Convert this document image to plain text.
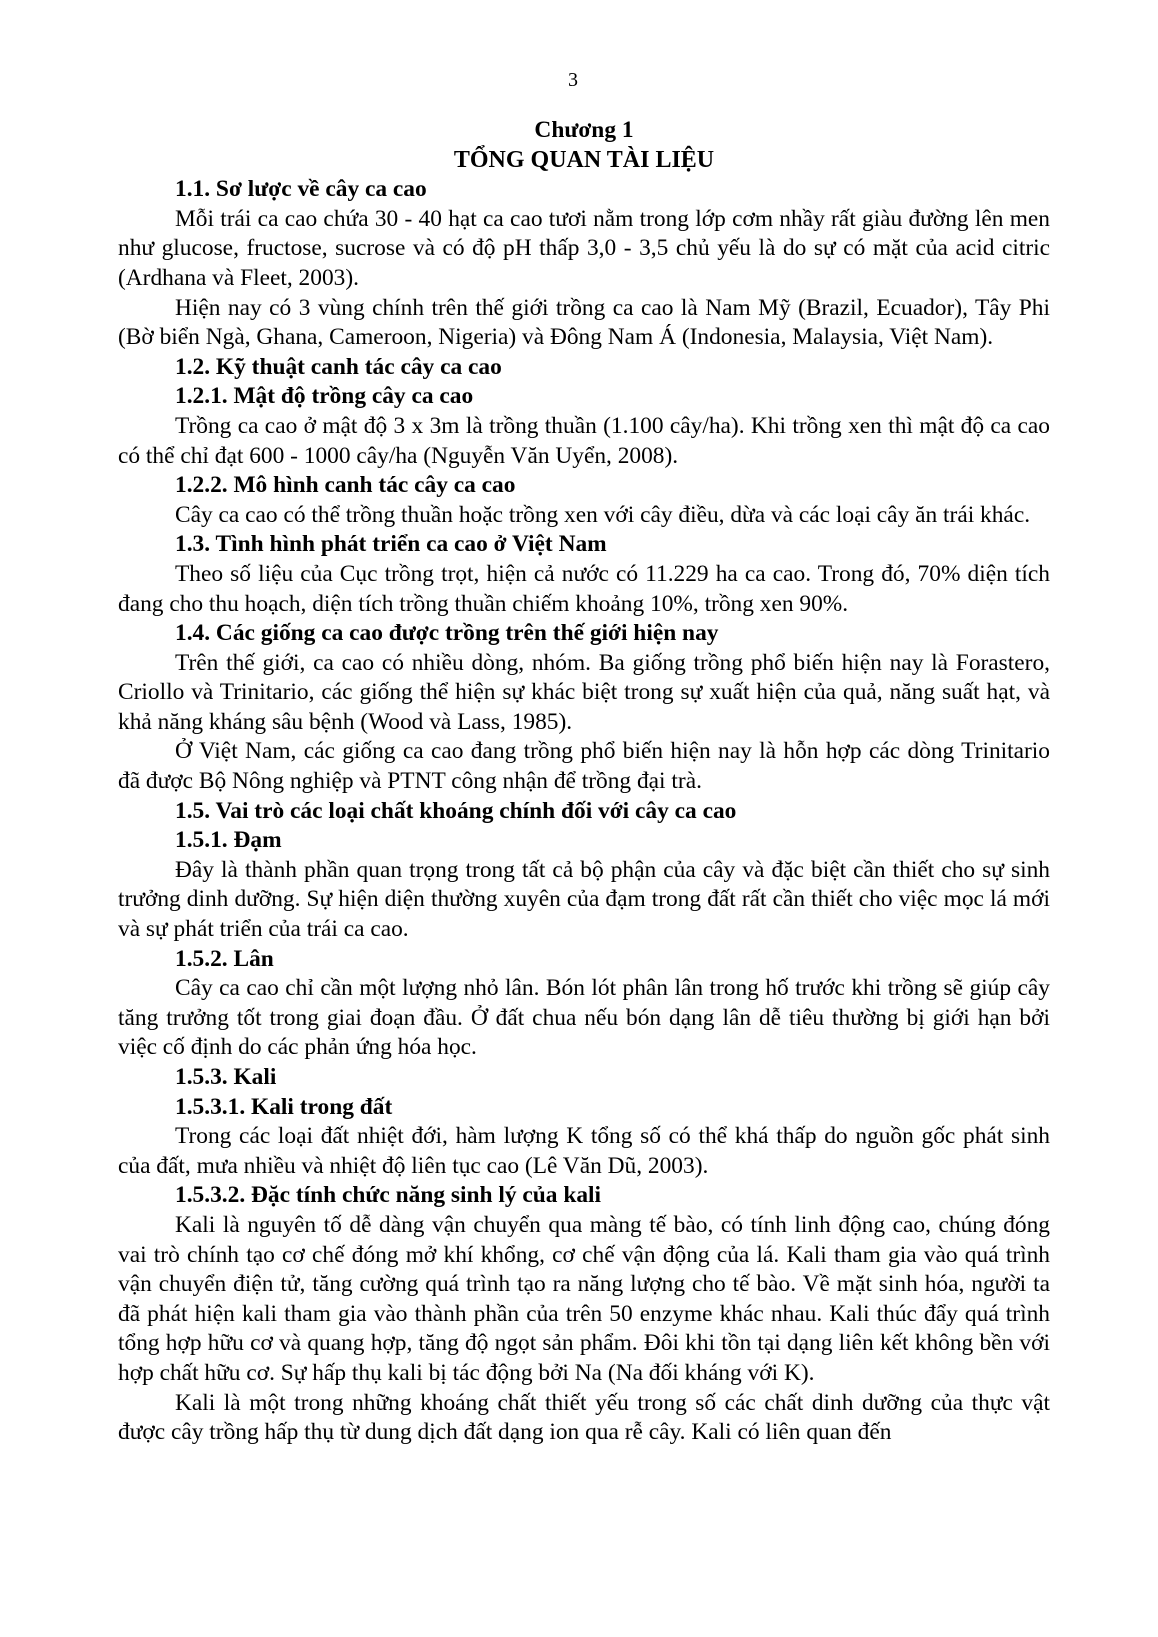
3

Chương 1

TỔNG QUAN TÀI LIỆU

1.1. Sơ lược về cây ca cao

Mỗi trái ca cao chứa 30 - 40 hạt ca cao tươi nằm trong lớp cơm nhầy rất giàu đường lên men như glucose, fructose, sucrose và có độ pH thấp 3,0 - 3,5 chủ yếu là do sự có mặt của acid citric (Ardhana và Fleet, 2003).

Hiện nay có 3 vùng chính trên thế giới trồng ca cao là Nam Mỹ (Brazil, Ecuador), Tây Phi (Bờ biển Ngà, Ghana, Cameroon, Nigeria) và Đông Nam Á (Indonesia, Malaysia, Việt Nam).

1.2. Kỹ thuật canh tác cây ca cao

1.2.1. Mật độ trồng cây ca cao

Trồng ca cao ở mật độ 3 x 3m là trồng thuần (1.100 cây/ha). Khi trồng xen thì mật độ ca cao có thể chỉ đạt 600 - 1000 cây/ha (Nguyễn Văn Uyển, 2008).

1.2.2. Mô hình canh tác cây ca cao

Cây ca cao có thể trồng thuần hoặc trồng xen với cây điều, dừa và các loại cây ăn trái khác.

1.3. Tình hình phát triển ca cao ở Việt Nam

Theo số liệu của Cục trồng trọt, hiện cả nước có 11.229 ha ca cao. Trong đó, 70% diện tích đang cho thu hoạch, diện tích trồng thuần chiếm khoảng 10%, trồng xen 90%.

1.4. Các giống ca cao được trồng trên thế giới hiện nay

Trên thế giới, ca cao có nhiều dòng, nhóm. Ba giống trồng phổ biến hiện nay là Forastero, Criollo và Trinitario, các giống thể hiện sự khác biệt trong sự xuất hiện của quả, năng suất hạt, và khả năng kháng sâu bệnh (Wood và Lass, 1985).

Ở Việt Nam, các giống ca cao đang trồng phổ biến hiện nay là hỗn hợp các dòng Trinitario đã được Bộ Nông nghiệp và PTNT công nhận để trồng đại trà.

1.5. Vai trò các loại chất khoáng chính đối với cây ca cao

1.5.1. Đạm

Đây là thành phần quan trọng trong tất cả bộ phận của cây và đặc biệt cần thiết cho sự sinh trưởng dinh dưỡng. Sự hiện diện thường xuyên của đạm trong đất rất cần thiết cho việc mọc lá mới và sự phát triển của trái ca cao.

1.5.2. Lân

Cây ca cao chỉ cần một lượng nhỏ lân. Bón lót phân lân trong hố trước khi trồng sẽ giúp cây tăng trưởng tốt trong giai đoạn đầu. Ở đất chua nếu bón dạng lân dễ tiêu thường bị giới hạn bởi việc cố định do các phản ứng hóa học.

1.5.3. Kali

1.5.3.1. Kali trong đất

Trong các loại đất nhiệt đới, hàm lượng K tổng số có thể khá thấp do nguồn gốc phát sinh của đất, mưa nhiều và nhiệt độ liên tục cao (Lê Văn Dũ, 2003).

1.5.3.2. Đặc tính chức năng sinh lý của kali

Kali là nguyên tố dễ dàng vận chuyển qua màng tế bào, có tính linh động cao, chúng đóng vai trò chính tạo cơ chế đóng mở khí khổng, cơ chế vận động của lá. Kali tham gia vào quá trình vận chuyển điện tử, tăng cường quá trình tạo ra năng lượng cho tế bào. Về mặt sinh hóa, người ta đã phát hiện kali tham gia vào thành phần của trên 50 enzyme khác nhau. Kali thúc đẩy quá trình tổng hợp hữu cơ và quang hợp, tăng độ ngọt sản phẩm. Đôi khi tồn tại dạng liên kết không bền với hợp chất hữu cơ. Sự hấp thụ kali bị tác động bởi Na (Na đối kháng với K).

Kali là một trong những khoáng chất thiết yếu trong số các chất dinh dưỡng của thực vật được cây trồng hấp thụ từ dung dịch đất dạng ion qua rễ cây. Kali có liên quan đến
